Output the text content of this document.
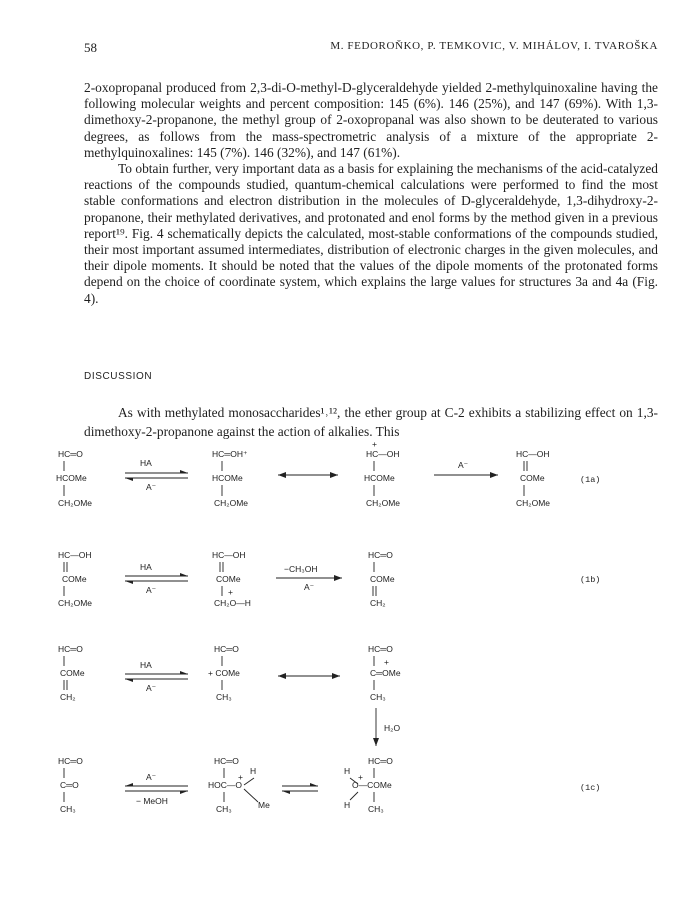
58	M. FEDOROŇKO, P. TEMKOVIC, V. MIHÁLOV, I. TVAROŠKA

2-oxopropanal produced from 2,3-di-O-methyl-D-glyceraldehyde yielded 2-methylquinoxaline having the following molecular weights and percent composition: 145 (6%). 146 (25%), and 147 (69%). With 1,3-dimethoxy-2-propanone, the methyl group of 2-oxopropanal was also shown to be deuterated to various degrees, as follows from the mass-spectrometric analysis of a mixture of the appropriate 2-methylquinoxalines: 145 (7%). 146 (32%), and 147 (61%).

To obtain further, very important data as a basis for explaining the mechanisms of the acid-catalyzed reactions of the compounds studied, quantum-chemical calculations were performed to find the most stable conformations and electron distribution in the molecules of D-glyceraldehyde, 1,3-dihydroxy-2-propanone, their methylated derivatives, and protonated and enol forms by the method given in a previous report¹⁹. Fig. 4 schematically depicts the calculated, most-stable conformations of the compounds studied, their most important assumed intermediates, distribution of electronic charges in the given molecules, and their dipole moments. It should be noted that the values of the dipole moments of the protonated forms depend on the choice of coordinate system, which explains the large values for structures 3a and 4a (Fig. 4).

DISCUSSION

As with methylated monosaccharides¹˒¹², the ether group at C-2 exhibits a stabilizing effect on 1,3-dimethoxy-2-propanone against the action of alkalies. This

HC═O
HCOMe
CH₂OMe
HA
A⁻
HC═OH⁺
HCOMe
CH₂OMe
+
HC—OH
HCOMe
CH₂OMe
A⁻
HC—OH
COMe
CH₂OMe
(1a)
HC—OH
COMe
CH₂OMe
HA
A⁻
HC—OH
COMe
+
CH₂O—H
−CH₃OH
A⁻
HC═O
COMe
CH₂
(1b)
HC═O
COMe
CH₂
HA
A⁻
HC═O
+ COMe
CH₃
HC═O
+
C═OMe
CH₃
H₂O
HC═O
C═O
CH₃
A⁻
− MeOH
HC═O
H
+
HOC—O
Me
CH₃
HC═O
H
+
O—COMe
H CH₃
(1c)
